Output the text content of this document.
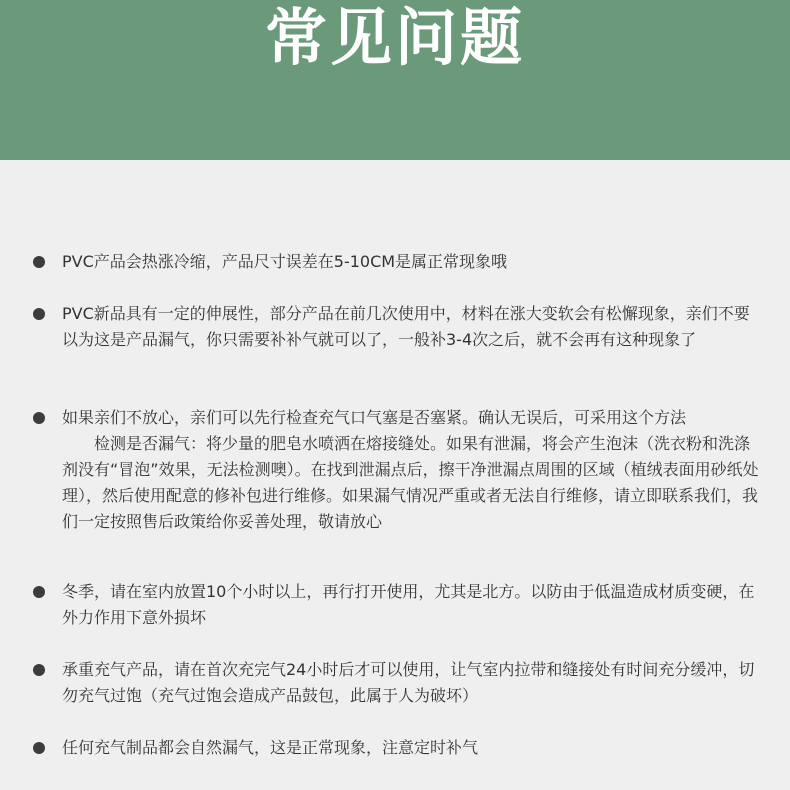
常见问题

PVC产品会热涨冷缩，产品尺寸误差在5-10CM是属正常现象哦

PVC新品具有一定的伸展性，部分产品在前几次使用中，材料在涨大变软会有松懈现象，亲们不要以为这是产品漏气，你只需要补补气就可以了，一般补3-4次之后，就不会再有这种现象了

如果亲们不放心，亲们可以先行检查充气口气塞是否塞紧。确认无误后，可采用这个方法

检测是否漏气：将少量的肥皂水喷洒在熔接缝处。如果有泄漏，将会产生泡沫（洗衣粉和洗涤剂没有“冒泡”效果，无法检测噢）。在找到泄漏点后，擦干净泄漏点周围的区域（植绒表面用砂纸处理），然后使用配意的修补包进行维修。如果漏气情况严重或者无法自行维修，请立即联系我们，我们一定按照售后政策给你妥善处理，敬请放心

冬季，请在室内放置10个小时以上，再行打开使用，尤其是北方。以防由于低温造成材质变硬，在外力作用下意外损坏

承重充气产品，请在首次充完气24小时后才可以使用，让气室内拉带和缝接处有时间充分缓冲，切勿充气过饱（充气过饱会造成产品鼓包，此属于人为破坏）

任何充气制品都会自然漏气，这是正常现象，注意定时补气
